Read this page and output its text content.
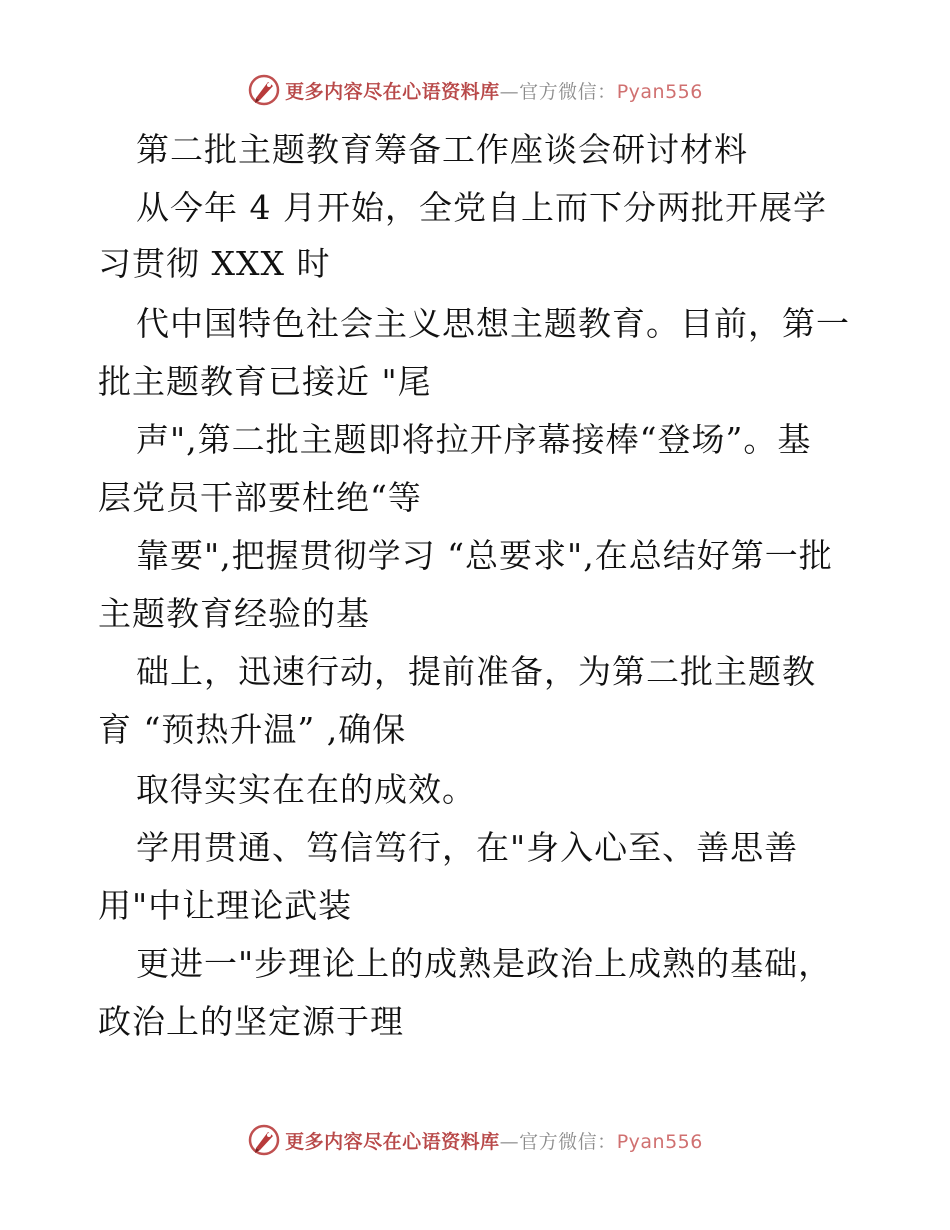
更多内容尽在心语资料库—官方微信：Pyan556
第二批主题教育筹备工作座谈会研讨材料
从今年 4 月开始，全党自上而下分两批开展学
习贯彻 XXX 时
代中国特色社会主义思想主题教育。目前，第一
批主题教育已接近 "尾
声",第二批主题即将拉开序幕接棒“登场”。基
层党员干部要杜绝“等
靠要",把握贯彻学习 “总要求",在总结好第一批
主题教育经验的基
础上，迅速行动，提前准备，为第二批主题教
育 “预热升温” ,确保
取得实实在在的成效。
学用贯通、笃信笃行，在"身入心至、善思善
用"中让理论武装
更进一"步理论上的成熟是政治上成熟的基础，
政治上的坚定源于理
更多内容尽在心语资料库—官方微信：Pyan556
